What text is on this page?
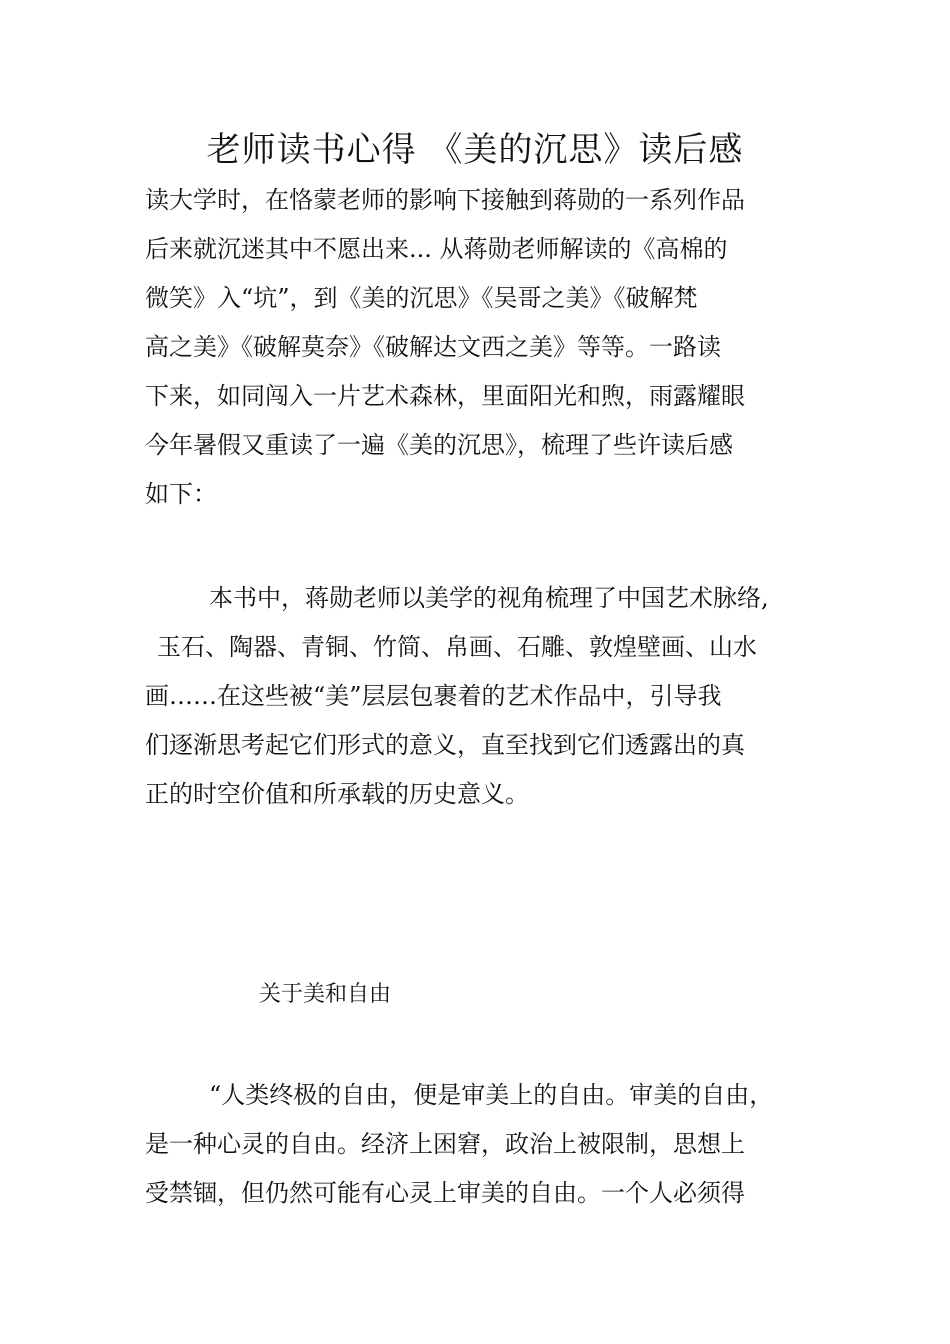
老师读书心得 《美的沉思》读后感
读大学时，在恪蒙老师的影响下接触到蒋勋的一系列作品
后来就沉迷其中不愿出来... 从蒋勋老师解读的《高棉的
微笑》入“坑”，到《美的沉思》《吴哥之美》《破解梵
高之美》《破解莫奈》《破解达文西之美》等等。一路读
下来，如同闯入一片艺术森林，里面阳光和煦，雨露耀眼
今年暑假又重读了一遍《美的沉思》，梳理了些许读后感
如下：
本书中，蒋勋老师以美学的视角梳理了中国艺术脉络,
玉石、陶器、青铜、竹简、帛画、石雕、敦煌壁画、山水
画……在这些被“美”层层包裹着的艺术作品中，引导我
们逐渐思考起它们形式的意义，直至找到它们透露出的真
正的时空价值和所承载的历史意义。
关于美和自由
“人类终极的自由，便是审美上的自由。审美的自由，
是一种心灵的自由。经济上困窘，政治上被限制，思想上
受禁锢，但仍然可能有心灵上审美的自由。一个人必须得
